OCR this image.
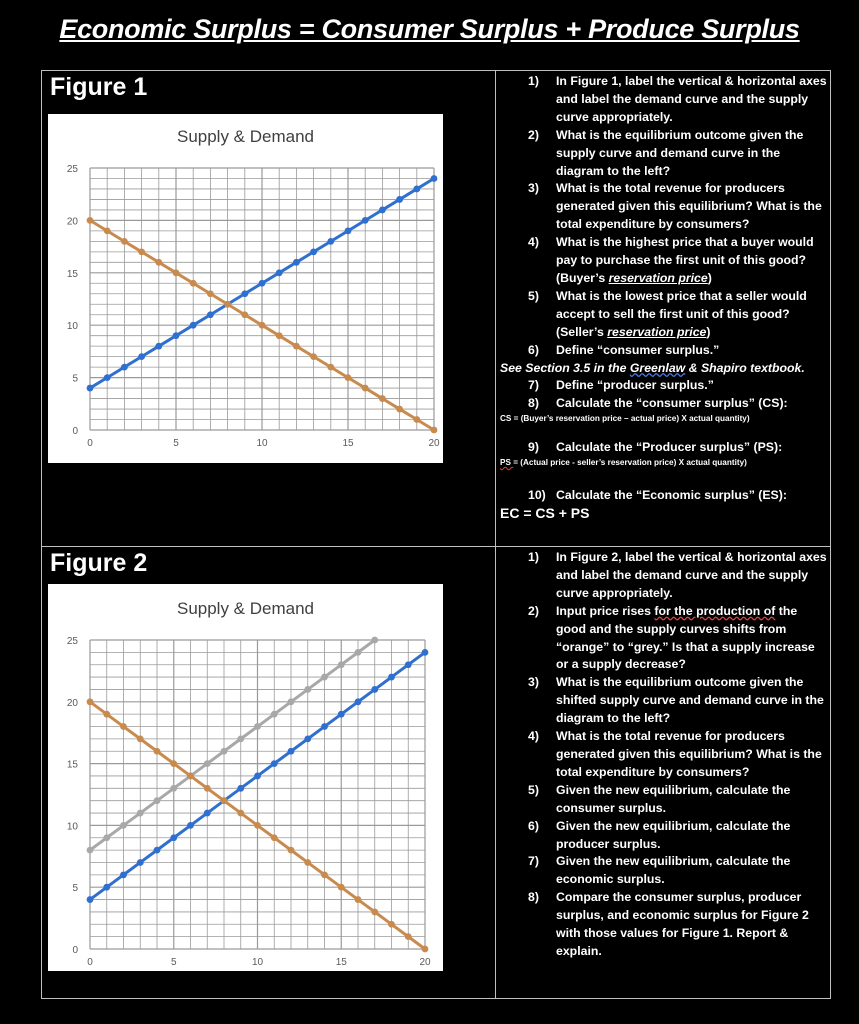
Economic Surplus = Consumer Surplus + Produce Surplus
Figure 1
Supply & Demand
0	5	10	15	20
0
5
10
15
20
25
1) In Figure 1, label the vertical & horizontal axes and label the demand curve and the supply curve appropriately.
2) What is the equilibrium outcome given the supply curve and demand curve in the diagram to the left?
3) What is the total revenue for producers generated given this equilibrium? What is the total expenditure by consumers?
4) What is the highest price that a buyer would pay to purchase the first unit of this good? (Buyer’s reservation price)
5) What is the lowest price that a seller would accept to sell the first unit of this good? (Seller’s reservation price)
6) Define “consumer surplus.”
See Section 3.5 in the Greenlaw & Shapiro textbook.
7) Define “producer surplus.”
8) Calculate the “consumer surplus” (CS):
CS = (Buyer’s reservation price – actual price) X actual quantity)
9) Calculate the “Producer surplus” (PS):
PS = (Actual price - seller’s reservation price) X actual quantity)
10) Calculate the “Economic surplus” (ES):
EC = CS + PS
Figure 2
Supply & Demand
0	5	10	15	20
0
5
10
15
20
25
1) In Figure 2, label the vertical & horizontal axes and label the demand curve and the supply curve appropriately.
2) Input price rises for the production of the good and the supply curves shifts from “orange” to “grey.” Is that a supply increase or a supply decrease?
3) What is the equilibrium outcome given the shifted supply curve and demand curve in the diagram to the left?
4) What is the total revenue for producers generated given this equilibrium? What is the total expenditure by consumers?
5) Given the new equilibrium, calculate the consumer surplus.
6) Given the new equilibrium, calculate the producer surplus.
7) Given the new equilibrium, calculate the economic surplus.
8) Compare the consumer surplus, producer surplus, and economic surplus for Figure 2 with those values for Figure 1. Report & explain.
